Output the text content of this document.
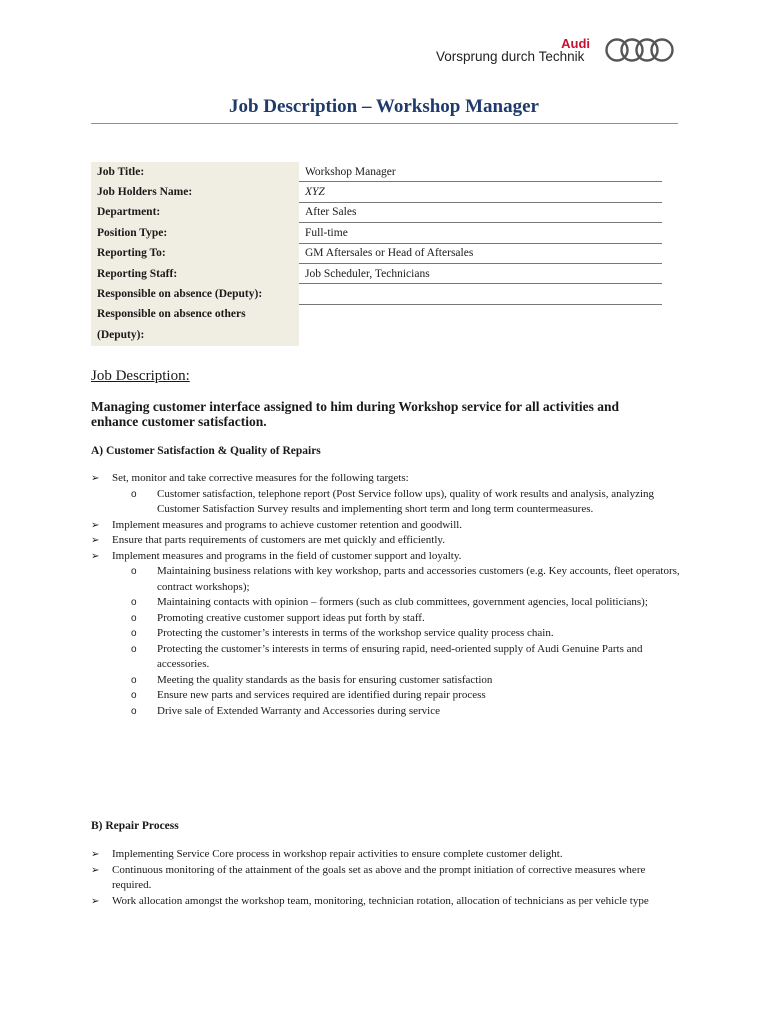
Audi
Vorsprung durch Technik
Job Description – Workshop Manager
Job Title:	Workshop Manager
Job Holders Name:	XYZ
Department:	After Sales
Position Type:	Full-time
Reporting To:	GM Aftersales or Head of Aftersales
Reporting Staff:	Job Scheduler, Technicians
Responsible on absence (Deputy):	
Responsible on absence others (Deputy):	
Job Description:
Managing customer interface assigned to him during Workshop service for all activities and enhance customer satisfaction.
A) Customer Satisfaction & Quality of Repairs
➢	Set, monitor and take corrective measures for the following targets:
o	Customer satisfaction, telephone report (Post Service follow ups), quality of work results and analysis, analyzing Customer Satisfaction Survey results and implementing short term and long term countermeasures.
➢	Implement measures and programs to achieve customer retention and goodwill.
➢	Ensure that parts requirements of customers are met quickly and efficiently.
➢	Implement measures and programs in the field of customer support and loyalty.
o	Maintaining business relations with key workshop, parts and accessories customers (e.g. Key accounts, fleet operators, contract workshops);
o	Maintaining contacts with opinion – formers (such as club committees, government agencies, local politicians);
o	Promoting creative customer support ideas put forth by staff.
o	Protecting the customer’s interests in terms of the workshop service quality process chain.
o	Protecting the customer’s interests in terms of ensuring rapid, need-oriented supply of Audi Genuine Parts and accessories.
o	Meeting the quality standards as the basis for ensuring customer satisfaction
o	Ensure new parts and services required are identified during repair process
o	Drive sale of Extended Warranty and Accessories during service
B) Repair Process
➢	Implementing Service Core process in workshop repair activities to ensure complete customer delight.
➢	Continuous monitoring of the attainment of the goals set as above and the prompt initiation of corrective measures where required.
➢	Work allocation amongst the workshop team, monitoring, technician rotation, allocation of technicians as per vehicle type
